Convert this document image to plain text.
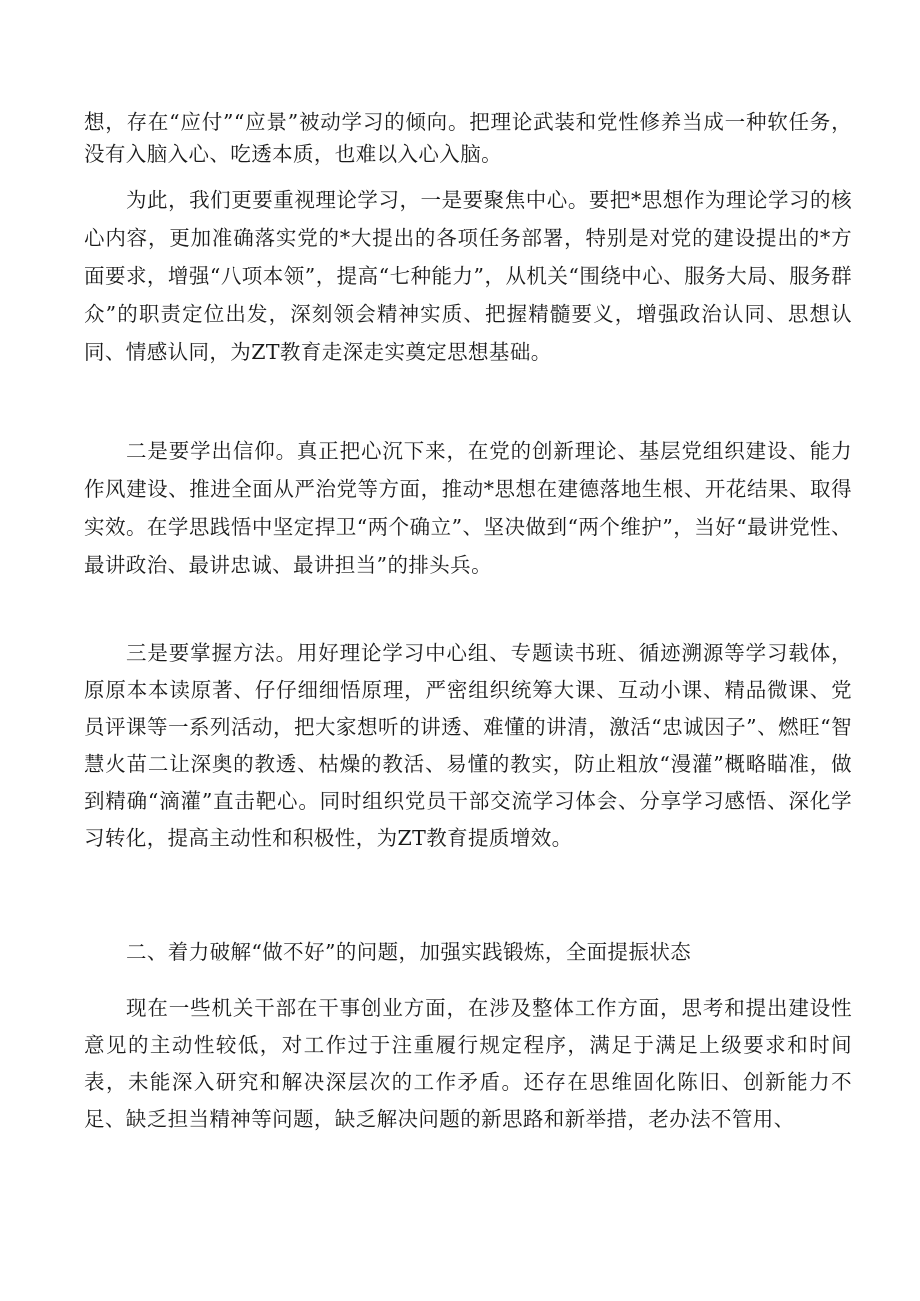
想，存在“应付”“应景”被动学习的倾向。把理论武装和党性修养当成一种软任务，没有入脑入心、吃透本质，也难以入心入脑。

为此，我们更要重视理论学习，一是要聚焦中心。要把*思想作为理论学习的核心内容，更加准确落实党的*大提出的各项任务部署，特别是对党的建设提出的*方面要求，增强“八项本领”，提高“七种能力”，从机关“围绕中心、服务大局、服务群众”的职责定位出发，深刻领会精神实质、把握精髓要义，增强政治认同、思想认同、情感认同，为ZT教育走深走实奠定思想基础。

二是要学出信仰。真正把心沉下来，在党的创新理论、基层党组织建设、能力作风建设、推进全面从严治党等方面，推动*思想在建德落地生根、开花结果、取得实效。在学思践悟中坚定捍卫“两个确立”、坚决做到“两个维护”，当好“最讲党性、最讲政治、最讲忠诚、最讲担当”的排头兵。

三是要掌握方法。用好理论学习中心组、专题读书班、循迹溯源等学习载体，原原本本读原著、仔仔细细悟原理，严密组织统筹大课、互动小课、精品微课、党员评课等一系列活动，把大家想听的讲透、难懂的讲清，激活“忠诚因子”、燃旺“智慧火苗二让深奥的教透、枯燥的教活、易懂的教实，防止粗放“漫灌”概略瞄准，做到精确“滴灌”直击靶心。同时组织党员干部交流学习体会、分享学习感悟、深化学习转化，提高主动性和积极性，为ZT教育提质增效。

二、着力破解“做不好”的问题，加强实践锻炼，全面提振状态

现在一些机关干部在干事创业方面，在涉及整体工作方面，思考和提出建设性意见的主动性较低，对工作过于注重履行规定程序，满足于满足上级要求和时间表，未能深入研究和解决深层次的工作矛盾。还存在思维固化陈旧、创新能力不足、缺乏担当精神等问题，缺乏解决问题的新思路和新举措，老办法不管用、
